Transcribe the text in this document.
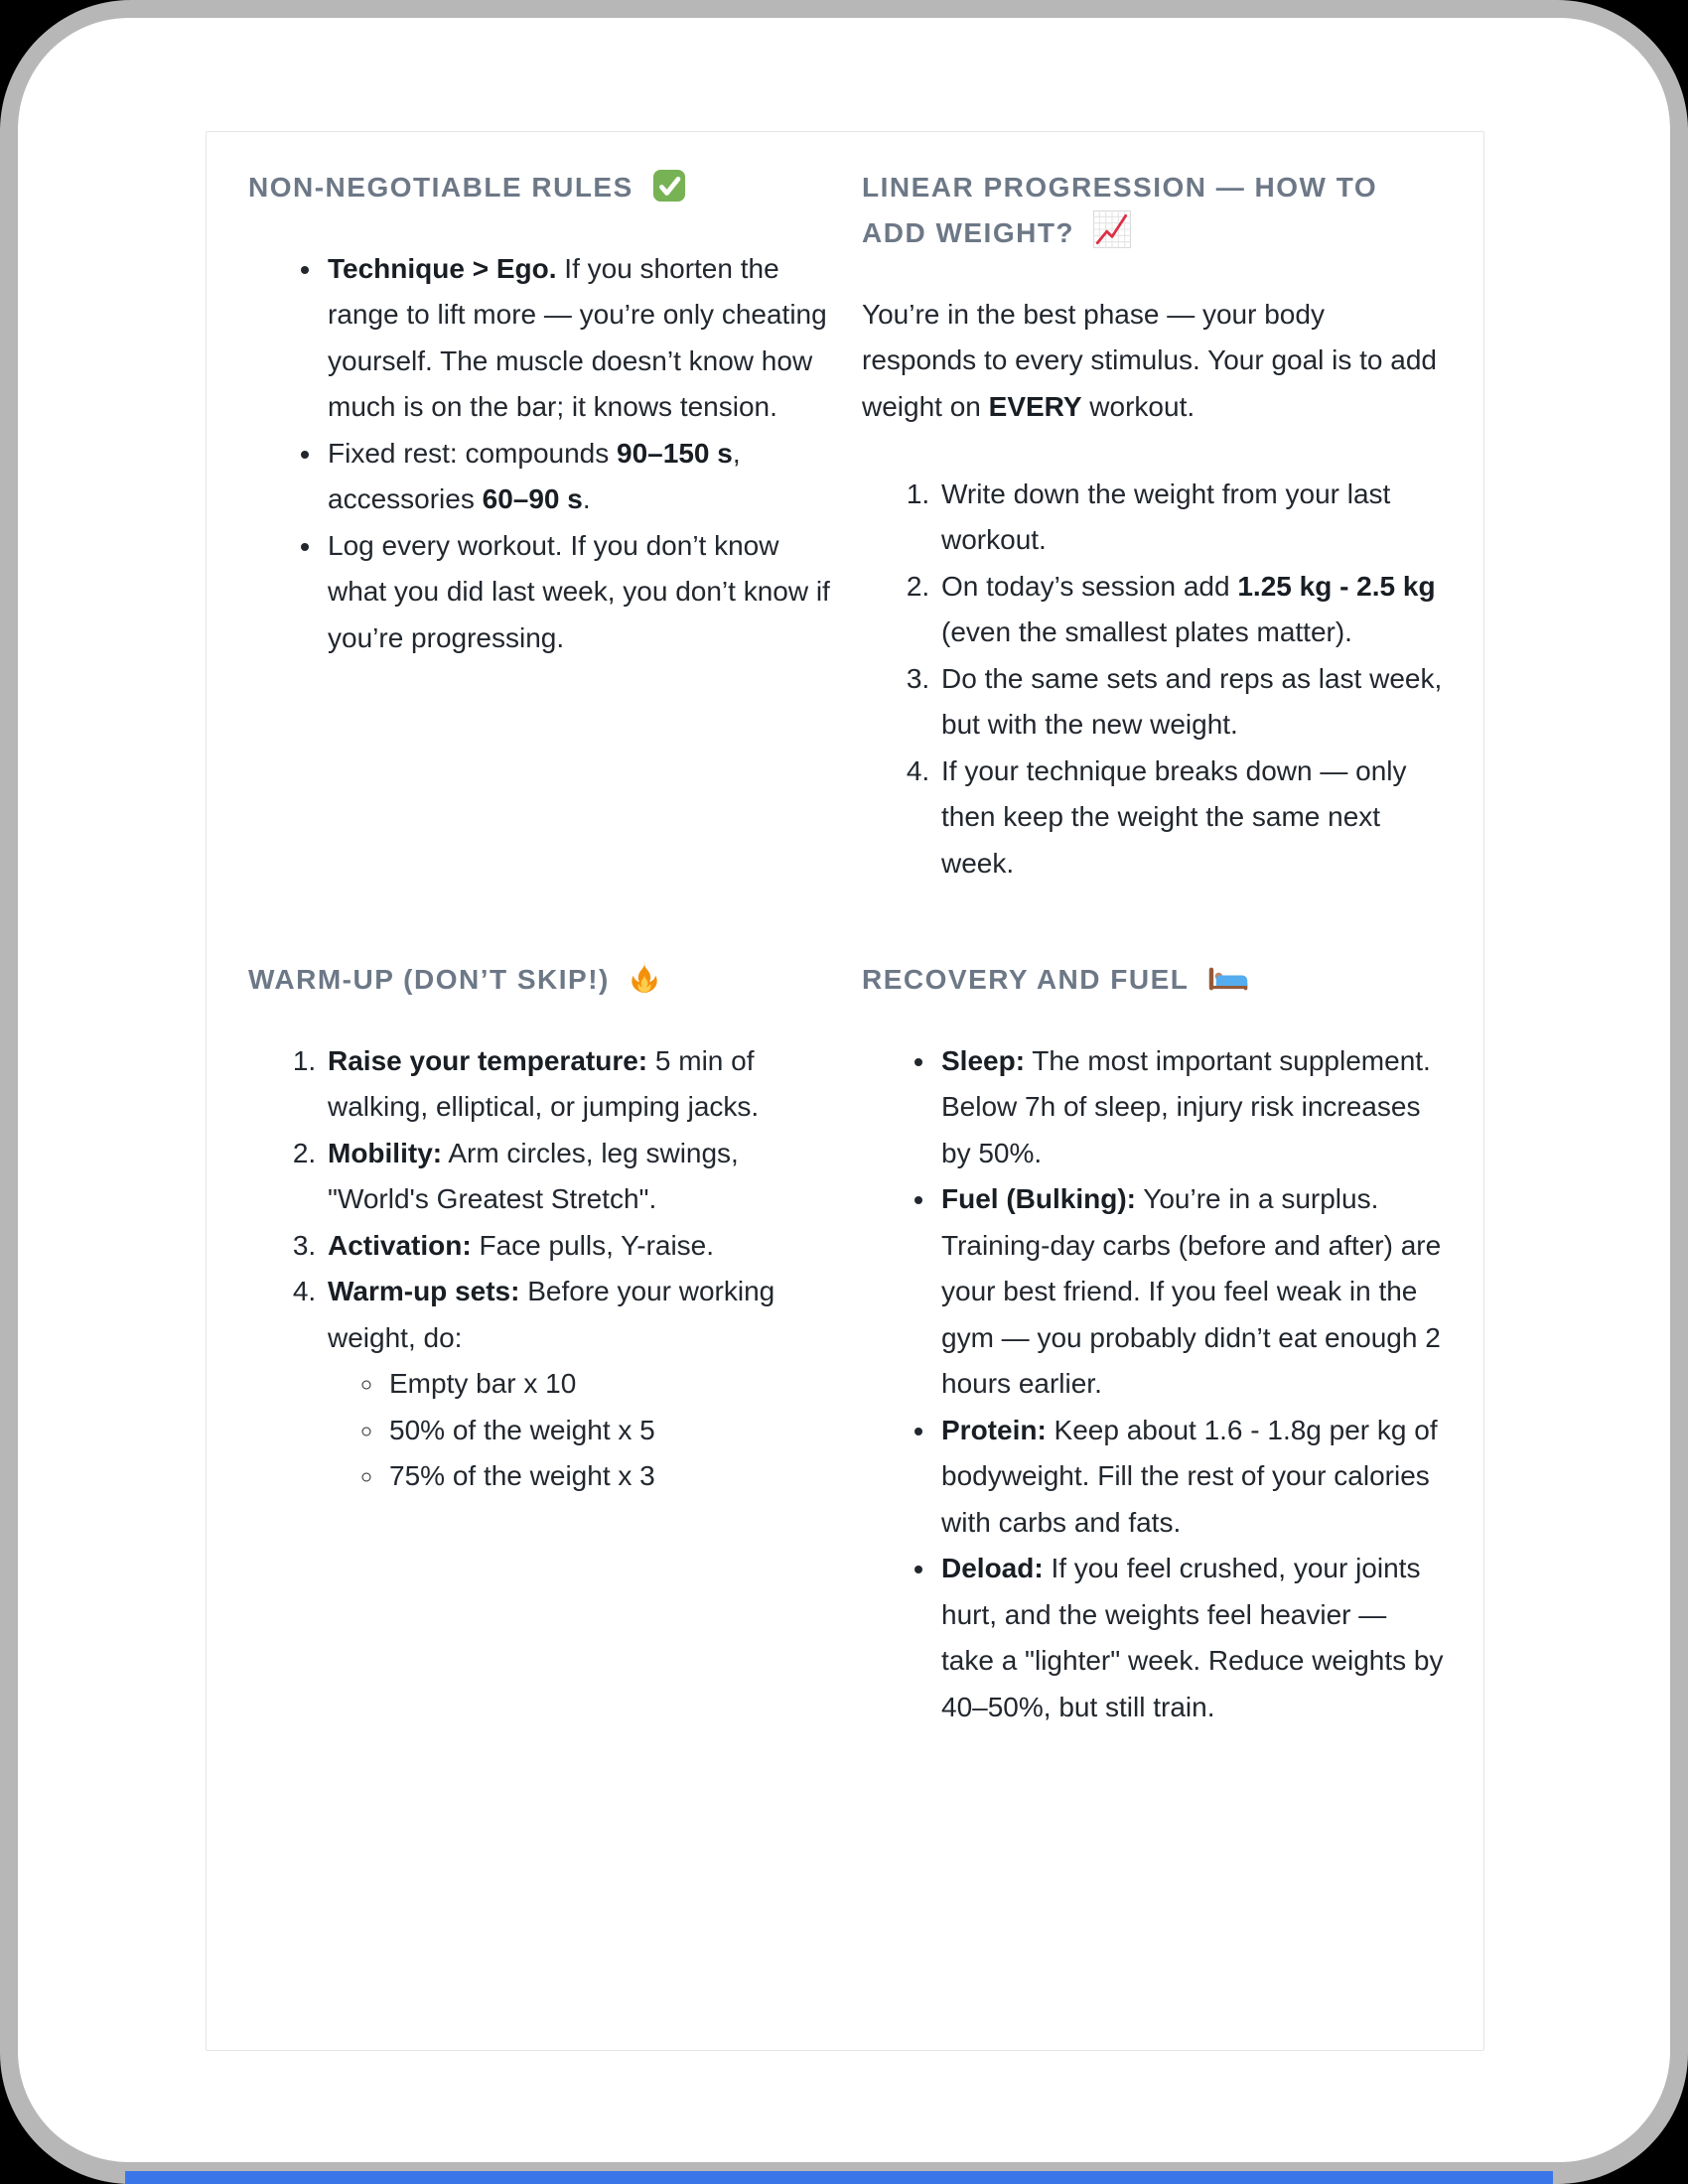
NON-NEGOTIABLE RULES
• Technique > Ego. If you shorten the range to lift more — you’re only cheating yourself. The muscle doesn’t know how much is on the bar; it knows tension.
• Fixed rest: compounds 90–150 s, accessories 60–90 s.
• Log every workout. If you don’t know what you did last week, you don’t know if you’re progressing.
LINEAR PROGRESSION — HOW TO ADD WEIGHT?

You’re in the best phase — your body responds to every stimulus. Your goal is to add weight on EVERY workout.

1. Write down the weight from your last workout.
2. On today’s session add 1.25 kg - 2.5 kg (even the smallest plates matter).
3. Do the same sets and reps as last week, but with the new weight.
4. If your technique breaks down — only then keep the weight the same next week.
WARM-UP (DON’T SKIP!)
1. Raise your temperature: 5 min of walking, elliptical, or jumping jacks.
2. Mobility: Arm circles, leg swings, "World's Greatest Stretch".
3. Activation: Face pulls, Y-raise.
4. Warm-up sets: Before your working weight, do:
◦ Empty bar x 10
◦ 50% of the weight x 5
◦ 75% of the weight x 3
RECOVERY AND FUEL
• Sleep: The most important supplement. Below 7h of sleep, injury risk increases by 50%.
• Fuel (Bulking): You’re in a surplus. Training-day carbs (before and after) are your best friend. If you feel weak in the gym — you probably didn’t eat enough 2 hours earlier.
• Protein: Keep about 1.6 - 1.8g per kg of bodyweight. Fill the rest of your calories with carbs and fats.
• Deload: If you feel crushed, your joints hurt, and the weights feel heavier — take a "lighter" week. Reduce weights by 40–50%, but still train.
